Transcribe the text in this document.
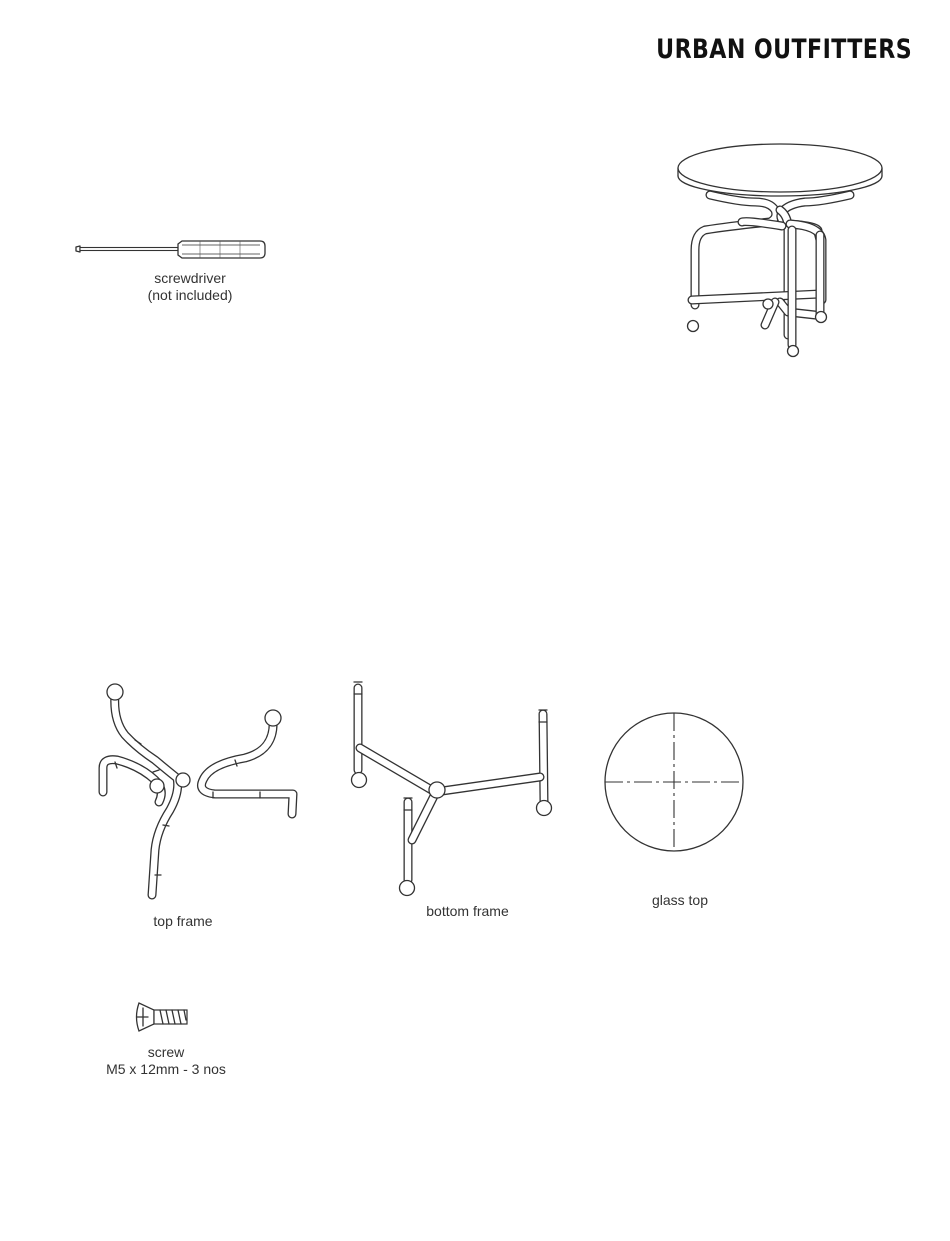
URBAN OUTFITTERS
screwdriver
(not included)
top frame
bottom frame
glass top
screw
M5 x 12mm - 3 nos
